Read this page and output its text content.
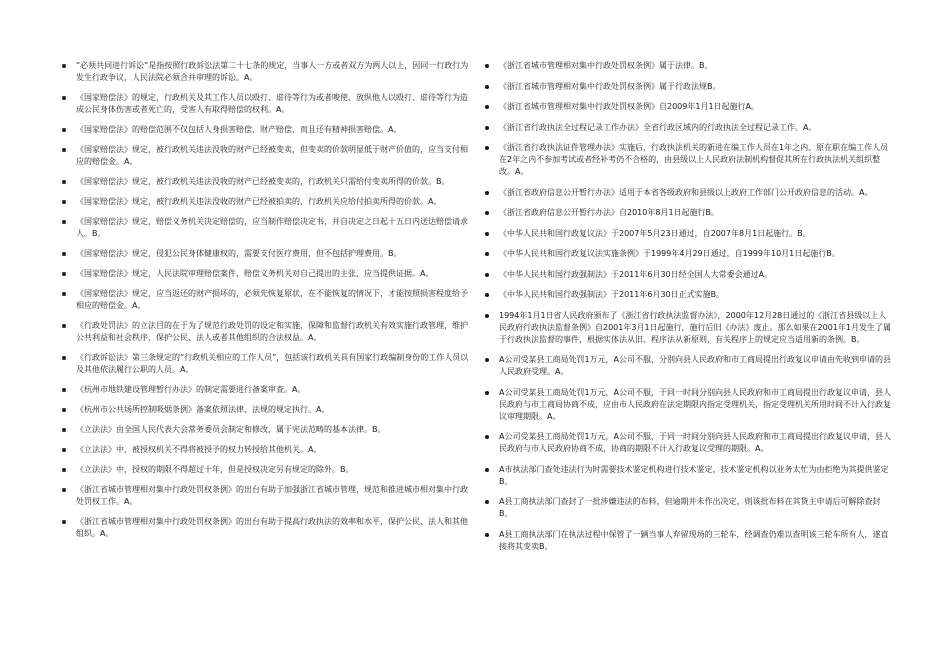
“必须共同进行诉讼”是指按照行政诉讼法第二十七条的规定，当事人一方或者双方为两人以上，因同一行政行为发生行政争议，人民法院必须合并审理的诉讼。A。
《国家赔偿法》的规定，行政机关及其工作人员以殴打、虐待等行为或者唆使、放纵他人以殴打、虐待等行为造成公民身体伤害或者死亡的，受害人有取得赔偿的权利。A。
《国家赔偿法》的赔偿范围不仅包括人身损害赔偿，财产赔偿，而且还有精神损害赔偿。A。
《国家赔偿法》规定，被行政机关违法没收的财产已经被变卖，但变卖的价款明显低于财产价值的，应当支付相应的赔偿金。A。
《国家赔偿法》规定，被行政机关违法没收的财产已经被变卖的，行政机关只需给付变卖所得的价款。B。
《国家赔偿法》规定，被行政机关违法没收的财产已经被拍卖的，行政机关应给付拍卖所得的价款。A。
《国家赔偿法》规定，赔偿义务机关决定赔偿的，应当制作赔偿决定书，并自决定之日起十五日内送达赔偿请求人。B。
《国家赔偿法》规定，侵犯公民身体健康权的，需要支付医疗费用，但不包括护理费用。B。
《国家赔偿法》规定，人民法院审理赔偿案件，赔偿义务机关对自己提出的主张，应当提供证据。A。
《国家赔偿法》规定，应当返还的财产损坏的，必须先恢复原状，在不能恢复的情况下，才能按照损害程度给予相应的赔偿金。A。
《行政处罚法》的立法目的在于为了规范行政处罚的设定和实施，保障和监督行政机关有效实施行政管理，维护公共利益和社会秩序，保护公民、法人或者其他组织的合法权益。A。
《行政诉讼法》第三条规定的“行政机关相应的工作人员”，包括该行政机关具有国家行政编制身份的工作人员以及其他依法履行公职的人员。A。
《杭州市地铁建设管理暂行办法》的制定需要进行备案审查。A。
《杭州市公共场所控制吸烟条例》备案依照法律、法规的规定执行。A。
《立法法》由全国人民代表大会常务委员会制定和修改，属于宪法范畴的基本法律。B。
《立法法》中，被授权机关不得将被授予的权力转授给其他机关。A。
《立法法》中，授权的期限不得超过十年，但是授权决定另有规定的除外。B。
《浙江省城市管理相对集中行政处罚权条例》的出台有助于加强浙江省城市管理，规范和推进城市相对集中行政处罚权工作。A。
《浙江省城市管理相对集中行政处罚权条例》的出台有助于提高行政执法的效率和水平，保护公民、法人和其他组织。A。
《浙江省城市管理相对集中行政处罚权条例》属于法律。B。
《浙江省城市管理相对集中行政处罚权条例》属于行政法规B。
《浙江省城市管理相对集中行政处罚权条例》自2009年1月1日起施行A。
《浙江省行政执法全过程记录工作办法》全省行政区域内的行政执法全过程记录工作。A。
《浙江省行政执法证件管理办法》实施后，行政执法机关的新进在编工作人员在1年之内、原在职在编工作人员在2年之内不参加考试或者经补考仍不合格的，由县级以上人民政府法制机构督促其所在行政执法机关组织整改。A。
《浙江省政府信息公开暂行办法》适用于本省各级政府和县级以上政府工作部门公开政府信息的活动。A。
《浙江省政府信息公开暂行办法》自2010年8月1日起施行B。
《中华人民共和国行政复议法》于2007年5月23日通过，自2007年8月1日起施行。B。
《中华人民共和国行政复议法实施条例》于1999年4月29日通过，自1999年10月1日起施行B。
《中华人民共和国行政强制法》于2011年6月30日经全国人大常委会通过A。
《中华人民共和国行政强制法》于2011年6月30日正式实施B。
1994年1月1日省人民政府颁布了《浙江省行政执法监督办法》，2000年12月28日通过的《浙江省县级以上人民政府行政执法监督条例》自2001年3月1日起施行，施行后旧《办法》废止。那么如果在2001年1月发生了属于行政执法监督的事件，根据实体法从旧、程序法从新原则，有关程序上的规定应当适用新的条例。B。
A公司受某县工商局处罚1万元，A公司不服，分别向县人民政府和市工商局提出行政复议申请由先收到申请的县人民政府受理。A。
A公司受某县工商局处罚1万元，A公司不服，于同一时间分别向县人民政府和市工商局提出行政复议申请，县人民政府与市工商局协商不成，应由市人民政府在法定期限内指定受理机关，指定受理机关所用时间不计入行政复议审理期限。A。
A公司受某县工商局处罚1万元，A公司不服，于同一时间分别向县人民政府和市工商局提出行政复议申请，县人民政府与市人民政府协商不成，协商的期限不计入行政复议受理的期限。A。
A市执法部门查处违法行为时需要技术鉴定机构进行技术鉴定，技术鉴定机构以业务太忙为由拒绝为其提供鉴定B。
A县工商执法部门查封了一批涉嫌违法的布料，但逾期并未作出决定，则该批布料在其货主申请后可解除查封B。
A县工商执法部门在执法过程中保管了一辆当事人弃留现场的三轮车，经调查仍难以查明该三轮车所有人，遂直接将其变卖B。
